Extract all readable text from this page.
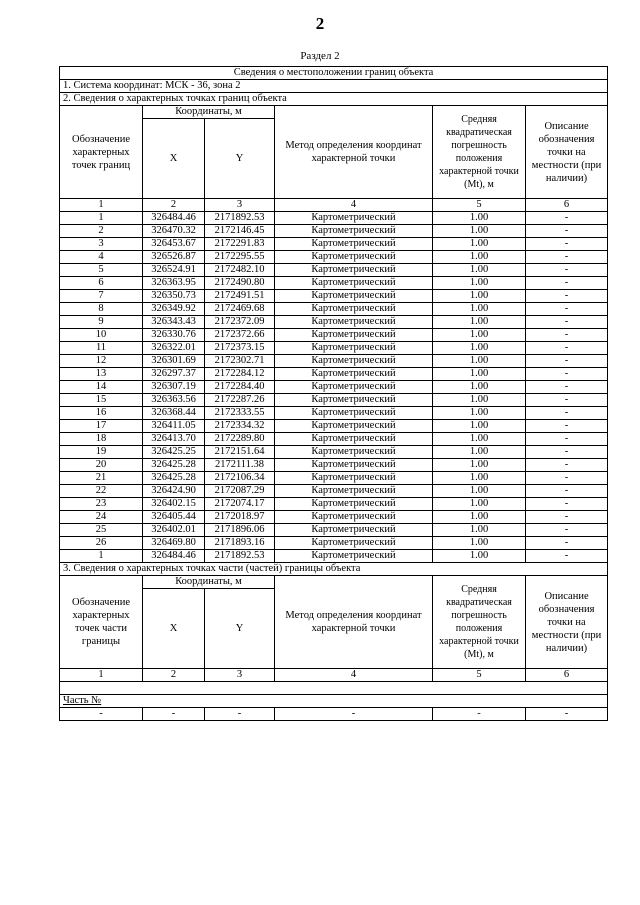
2
Раздел 2
Сведения о местоположении границ объекта					
1. Система координат: МСК - 36, зона 2					
2. Сведения о характерных точках границ объекта					
Обозначение характерных точек границ	Координаты, м		Метод определения координат характерной точки	Средняя квадратическая погрешность положения характерной точки (Mt), м	Описание обозначения точки на местности (при наличии)
	X	Y			
1	2	3	4	5	6
1	326484.46	2171892.53	Картометрический	1.00	-
2	326470.32	2172146.45	Картометрический	1.00	-
3	326453.67	2172291.83	Картометрический	1.00	-
4	326526.87	2172295.55	Картометрический	1.00	-
5	326524.91	2172482.10	Картометрический	1.00	-
6	326363.95	2172490.80	Картометрический	1.00	-
7	326350.73	2172491.51	Картометрический	1.00	-
8	326349.92	2172469.68	Картометрический	1.00	-
9	326343.43	2172372.09	Картометрический	1.00	-
10	326330.76	2172372.66	Картометрический	1.00	-
11	326322.01	2172373.15	Картометрический	1.00	-
12	326301.69	2172302.71	Картометрический	1.00	-
13	326297.37	2172284.12	Картометрический	1.00	-
14	326307.19	2172284.40	Картометрический	1.00	-
15	326363.56	2172287.26	Картометрический	1.00	-
16	326368.44	2172333.55	Картометрический	1.00	-
17	326411.05	2172334.32	Картометрический	1.00	-
18	326413.70	2172289.80	Картометрический	1.00	-
19	326425.25	2172151.64	Картометрический	1.00	-
20	326425.28	2172111.38	Картометрический	1.00	-
21	326425.28	2172106.34	Картометрический	1.00	-
22	326424.90	2172087.29	Картометрический	1.00	-
23	326402.15	2172074.17	Картометрический	1.00	-
24	326405.44	2172018.97	Картометрический	1.00	-
25	326402.01	2171896.06	Картометрический	1.00	-
26	326469.80	2171893.16	Картометрический	1.00	-
1	326484.46	2171892.53	Картометрический	1.00	-
3. Сведения о характерных точках части (частей) границы объекта					
Обозначение характерных точек части границы	Координаты, м		Метод определения координат характерной точки	Средняя квадратическая погрешность положения характерной точки (Mt), м	Описание обозначения точки на местности (при наличии)
	X	Y			
1	2	3	4	5	6

Часть №					
-	-	-	-	-	-
